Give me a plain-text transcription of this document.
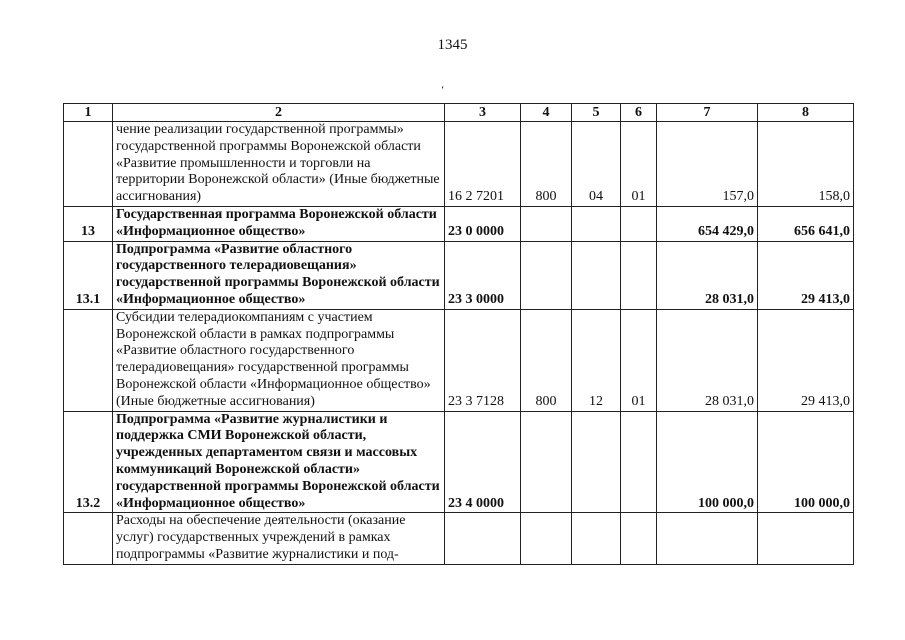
1345
‘
1	2	3	4	5	6	7	8
	чение реализации государственной программы» государственной программы Воронежской области «Развитие промышленности и торговли на территории Воронежской области» (Иные бюджетные ассигнования)	16 2 7201	800	04	01	157,0	158,0
13	Государственная программа Воронежской области «Информационное общество»	23 0 0000				654 429,0	656 641,0
13.1	Подпрограмма «Развитие областного государственного телерадиовещания» государственной программы Воронежской области «Информационное общество»	23 3 0000				28 031,0	29 413,0
	Субсидии телерадиокомпаниям с участием Воронежской области в рамках подпрограммы «Развитие областного государственного телерадиовещания» государственной программы Воронежской области «Информационное общество» (Иные бюджетные ассигнования)	23 3 7128	800	12	01	28 031,0	29 413,0
13.2	Подпрограмма «Развитие журналистики и поддержка СМИ Воронежской области, учрежденных департаментом связи и массовых коммуникаций Воронежской области» государственной программы Воронежской области «Информационное общество»	23 4 0000				100 000,0	100 000,0
	Расходы на обеспечение деятельности (оказание услуг) государственных учреждений в рамках подпрограммы «Развитие журналистики и под-						
